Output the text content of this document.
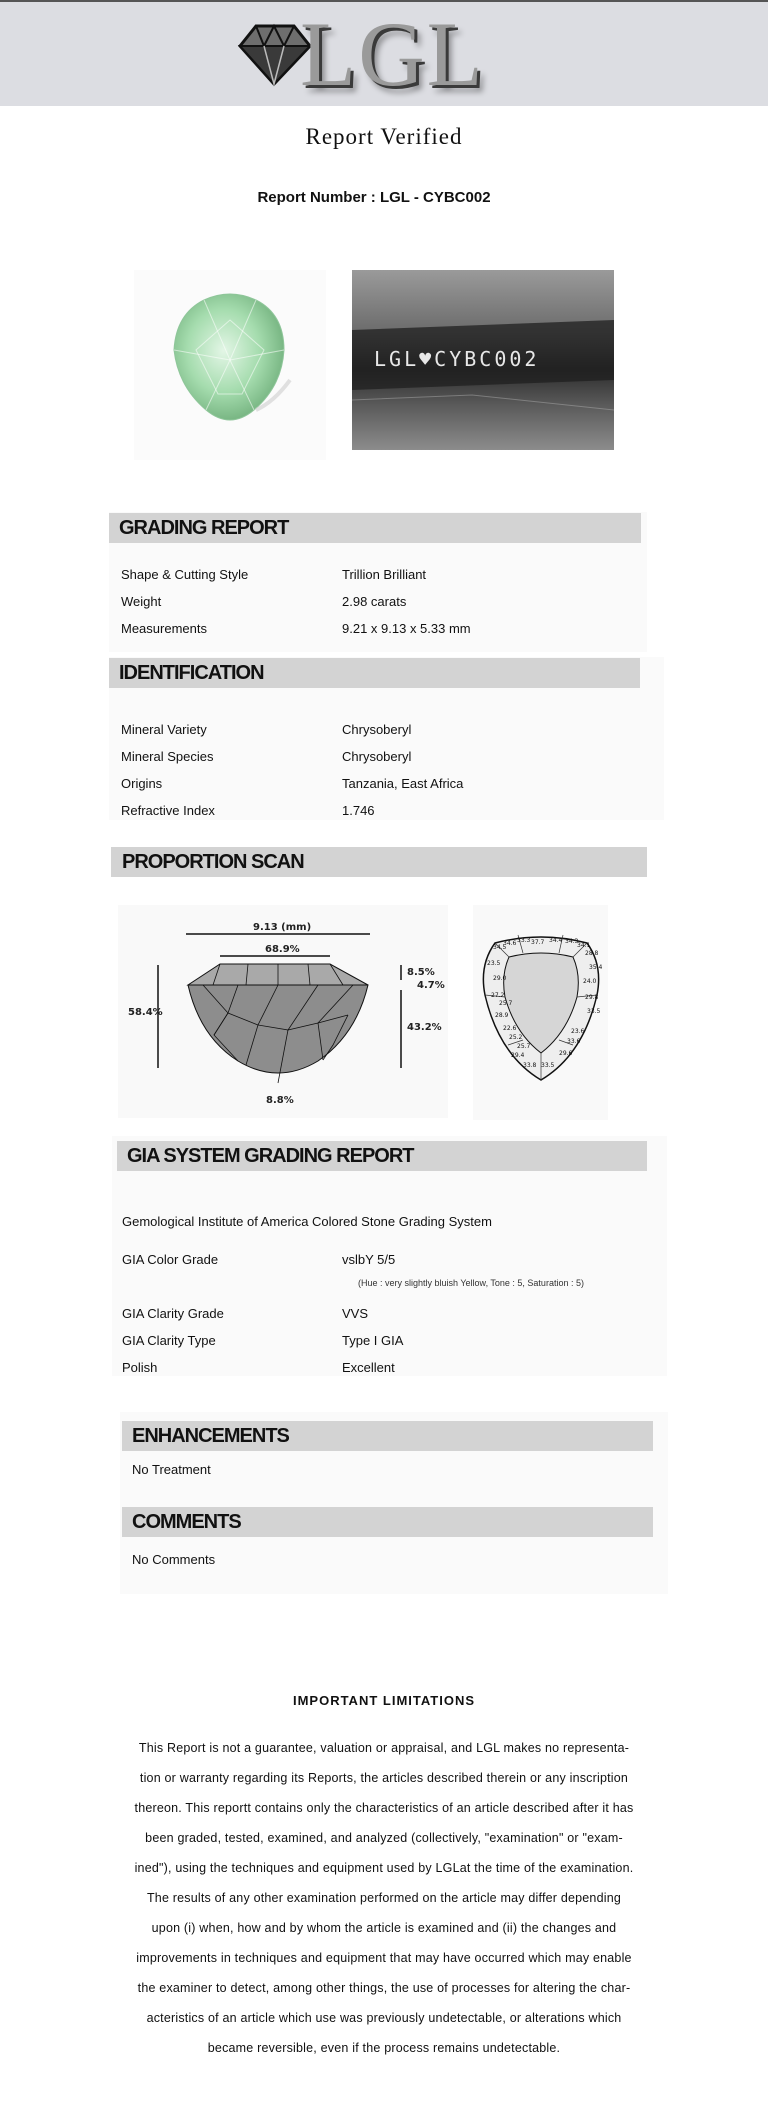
LGL
Report Verified
Report Number : LGL - CYBC002
LGL♥CYBC002
GRADING REPORT
Shape & Cutting Style	Trillion Brilliant
Weight	2.98 carats
Measurements	9.21 x 9.13 x 5.33 mm
IDENTIFICATION
Mineral Variety	Chrysoberyl
Mineral Species	Chrysoberyl
Origins	Tanzania, East Africa
Refractive Index	1.746
PROPORTION SCAN
9.13 (mm)
68.9%
58.4%
8.5%
4.7%
43.2%
8.8%
34.5
34.6 33.3 37.7 34.4 34.3
34.1
28.8
23.5
29.0
35.4
24.0
27.2
25.7
28.9
29.8
33.5
22.6
25.2
25.7
23.6
33.6
29.4	29.6
33.8 33.5
GIA SYSTEM GRADING REPORT
Gemological Institute of America Colored Stone Grading System
GIA Color Grade	vslbY 5/5
(Hue : very slightly bluish Yellow, Tone : 5, Saturation : 5)
GIA Clarity Grade	VVS
GIA Clarity Type	Type I GIA
Polish	Excellent
ENHANCEMENTS
No Treatment
COMMENTS
No Comments
IMPORTANT LIMITATIONS
This Report is not a guarantee, valuation or appraisal, and LGL makes no representa-
tion or warranty regarding its Reports, the articles described therein or any inscription
thereon. This reportt contains only the characteristics of an article described after it has
been graded, tested, examined, and analyzed (collectively, "examination" or "exam-
ined"), using the techniques and equipment used by LGLat the time of the examination.
The results of any other examination performed on the article may differ depending
upon (i) when, how and by whom the article is examined and (ii) the changes and
improvements in techniques and equipment that may have occurred which may enable
the examiner to detect, among other things, the use of processes for altering the char-
acteristics of an article which use was previously undetectable, or alterations which
became reversible, even if the process remains undetectable.
